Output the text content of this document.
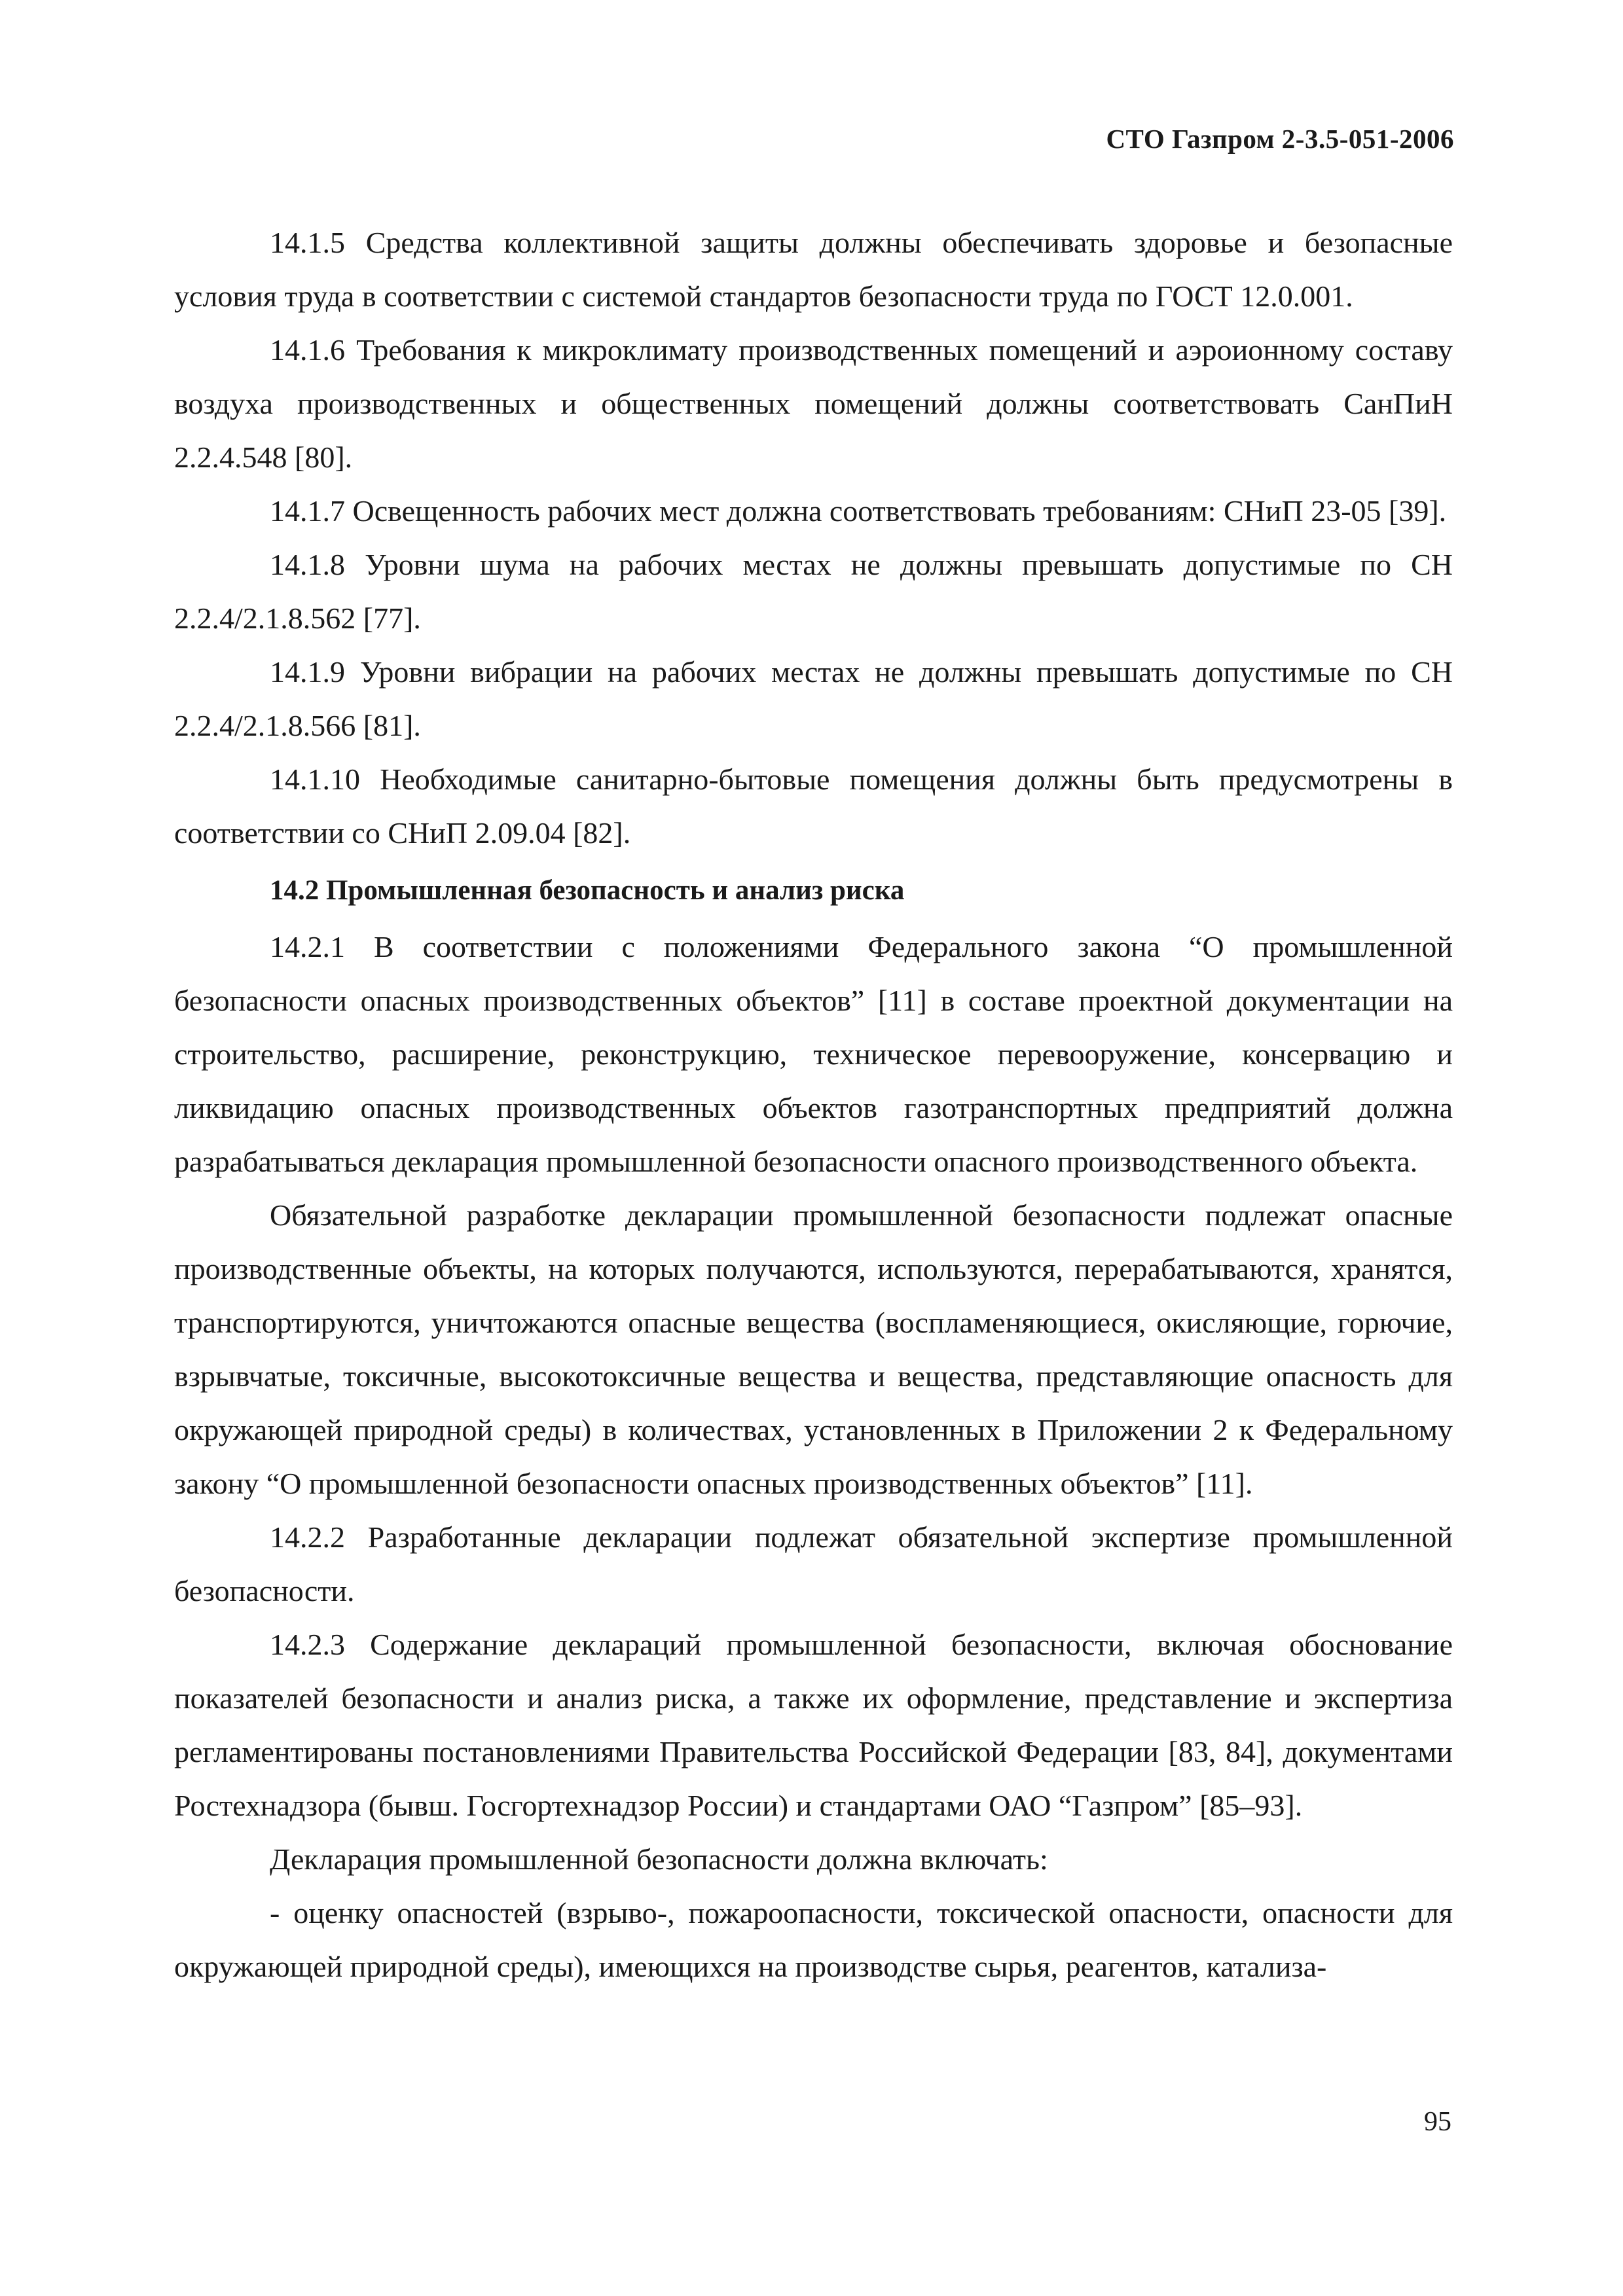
СТО Газпром 2-3.5-051-2006

14.1.5 Средства коллективной защиты должны обеспечивать здоровье и безопасные условия труда в соответствии с системой стандартов безопасности труда по ГОСТ 12.0.001.

14.1.6 Требования к микроклимату производственных помещений и аэроионному составу воздуха производственных и общественных помещений должны соответствовать СанПиН 2.2.4.548 [80].

14.1.7 Освещенность рабочих мест должна соответствовать требованиям: СНиП 23-05 [39].

14.1.8 Уровни шума на рабочих местах не должны превышать допустимые по СН 2.2.4/2.1.8.562 [77].

14.1.9 Уровни вибрации на рабочих местах не должны превышать допустимые по СН 2.2.4/2.1.8.566 [81].

14.1.10 Необходимые санитарно-бытовые помещения должны быть предусмотрены в соответствии со СНиП 2.09.04 [82].

14.2 Промышленная безопасность и анализ риска

14.2.1 В соответствии с положениями Федерального закона “О промышленной безопасности опасных производственных объектов” [11] в составе проектной документации на строительство, расширение, реконструкцию, техническое перевооружение, консервацию и ликвидацию опасных производственных объектов газотранспортных предприятий должна разрабатываться декларация промышленной безопасности опасного производственного объекта.

Обязательной разработке декларации промышленной безопасности подлежат опасные производственные объекты, на которых получаются, используются, перерабатываются, хранятся, транспортируются, уничтожаются опасные вещества (воспламеняющиеся, окисляющие, горючие, взрывчатые, токсичные, высокотоксичные вещества и вещества, представляющие опасность для окружающей природной среды) в количествах, установленных в Приложении 2 к Федеральному закону “О промышленной безопасности опасных производственных объектов” [11].

14.2.2 Разработанные декларации подлежат обязательной экспертизе промышленной безопасности.

14.2.3 Содержание деклараций промышленной безопасности, включая обоснование показателей безопасности и анализ риска, а также их оформление, представление и экспертиза регламентированы постановлениями Правительства Российской Федерации [83, 84], документами Ростехнадзора (бывш. Госгортехнадзор России) и стандартами ОАО “Газпром” [85–93].

Декларация промышленной безопасности должна включать:

- оценку опасностей (взрыво-, пожароопасности, токсической опасности, опасности для окружающей природной среды), имеющихся на производстве сырья, реагентов, катализа-

95
